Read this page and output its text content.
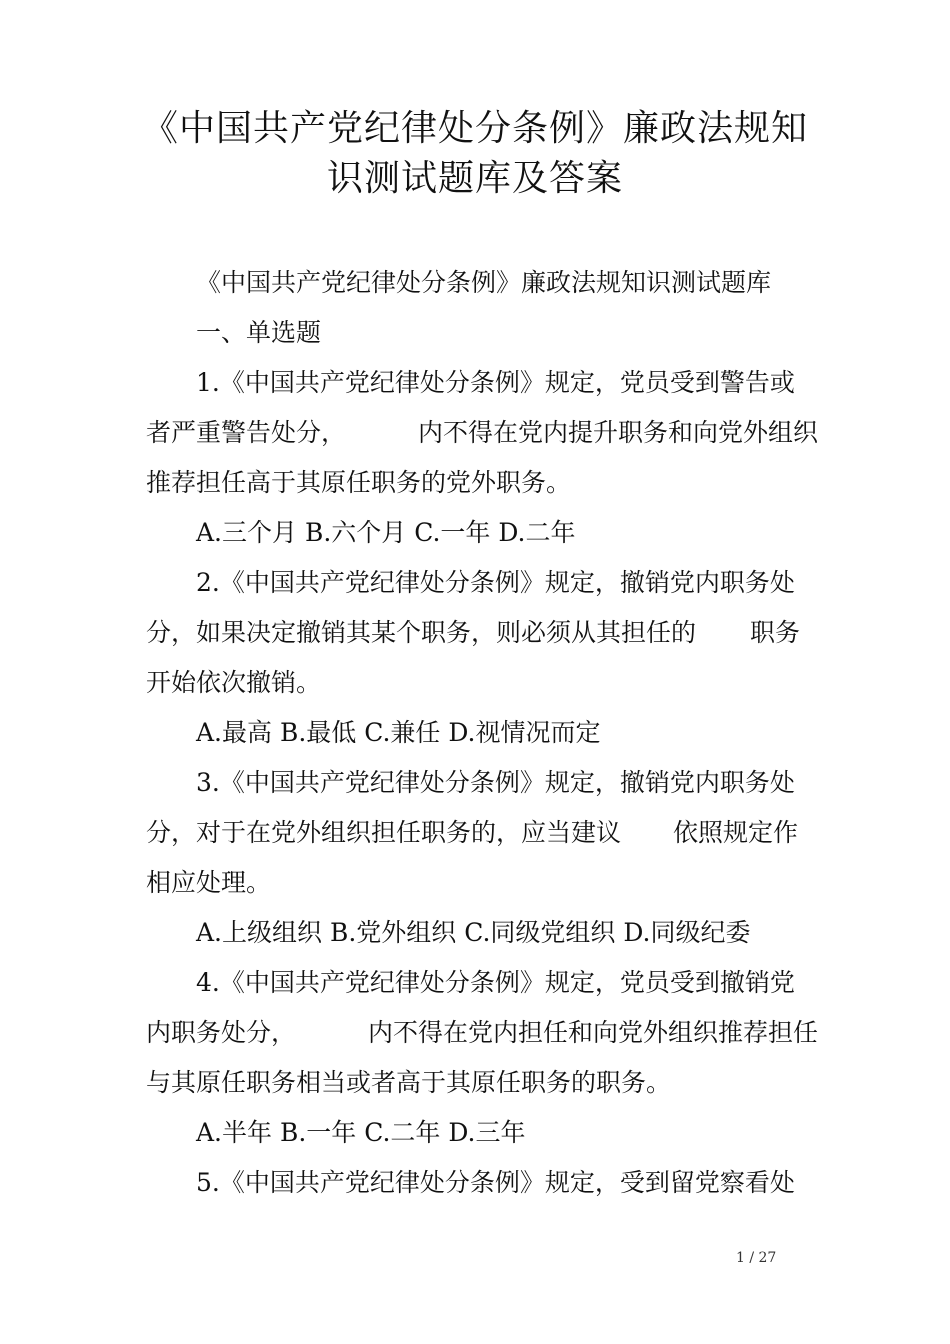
《中国共产党纪律处分条例》廉政法规知
识测试题库及答案
《中国共产党纪律处分条例》廉政法规知识测试题库
一、单选题
1.《中国共产党纪律处分条例》规定，党员受到警告或
者严重警告处分，	内不得在党内提升职务和向党外组织
推荐担任高于其原任职务的党外职务。
A.三个月 B.六个月 C.一年 D.二年
2.《中国共产党纪律处分条例》规定，撤销党内职务处
分，如果决定撤销其某个职务，则必须从其担任的 职务
开始依次撤销。
A.最高 B.最低 C.兼任 D.视情况而定
3.《中国共产党纪律处分条例》规定，撤销党内职务处
分，对于在党外组织担任职务的，应当建议 依照规定作
相应处理。
A.上级组织 B.党外组织 C.同级党组织 D.同级纪委
4.《中国共产党纪律处分条例》规定，党员受到撤销党
内职务处分，	内不得在党内担任和向党外组织推荐担任
与其原任职务相当或者高于其原任职务的职务。
A.半年 B.一年 C.二年 D.三年
5.《中国共产党纪律处分条例》规定，受到留党察看处
1 / 27
